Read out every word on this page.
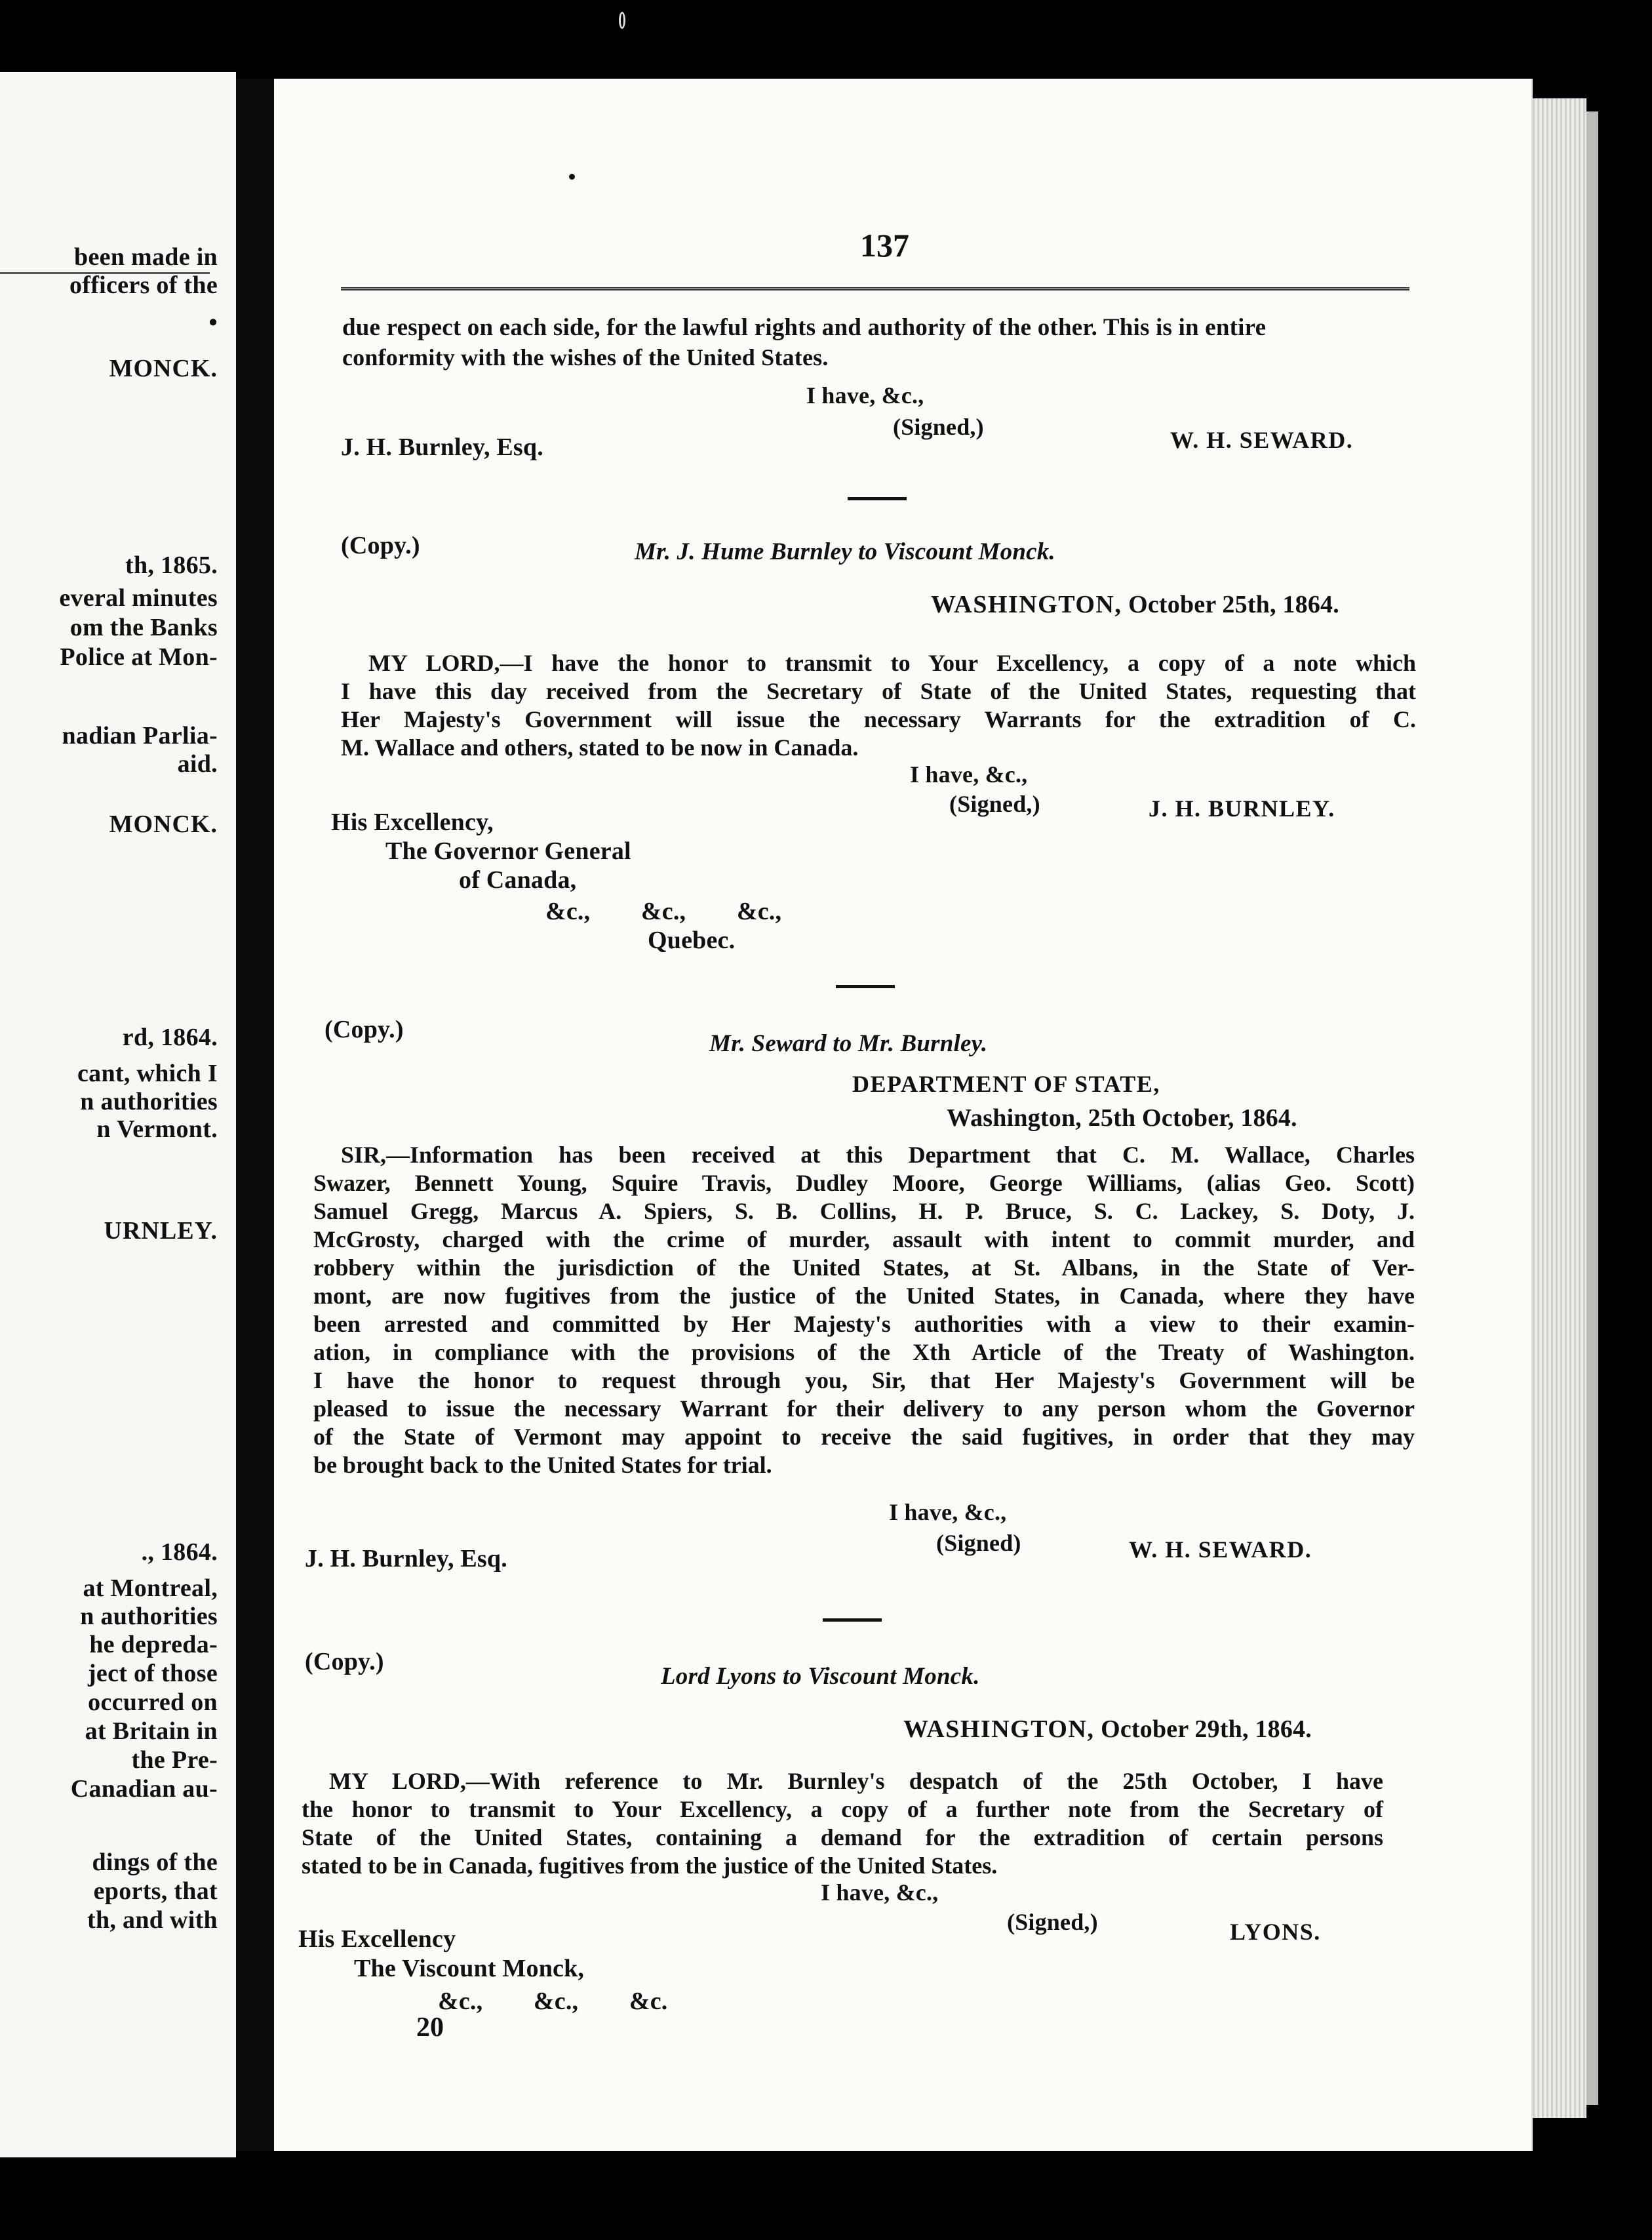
been made in
officers of the
•
MONCK.
th, 1865.
everal minutes
om the Banks
Police at Mon-
nadian Parlia-
aid.
MONCK.
rd, 1864.
cant, which I
n authorities
n Vermont.
URNLEY.
., 1864.
at Montreal,
n authorities
he depreda-
ject of those
occurred on
at Britain in
the Pre-
Canadian au-
dings of the
eports, that
th, and with
137
due respect on each side, for the lawful rights and authority of the other. This is in entire
conformity with the wishes of the United States.
I have, &c.,
(Signed,)	W. H. SEWARD.
J. H. Burnley, Esq.
(Copy.)	Mr. J. Hume Burnley to Viscount Monck.
WASHINGTON, October 25th, 1864.

MY LORD,—I have the honor to transmit to Your Excellency, a copy of a note which

I have this day received from the Secretary of State of the United States, requesting that

Her Majesty's Government will issue the necessary Warrants for the extradition of C.

M. Wallace and others, stated to be now in Canada.

I have, &c.,
(Signed,)	J. H. BURNLEY.
His Excellency,
The Governor General
of Canada,
&c.,        &c.,        &c.,
Quebec.
(Copy.)
Mr. Seward to Mr. Burnley.
DEPARTMENT OF STATE,
Washington, 25th October, 1864.

SIR,—Information has been received at this Department that C. M. Wallace, Charles

Swazer, Bennett Young, Squire Travis, Dudley Moore, George Williams, (alias Geo. Scott)

Samuel Gregg, Marcus A. Spiers, S. B. Collins, H. P. Bruce, S. C. Lackey, S. Doty, J.

McGrosty, charged with the crime of murder, assault with intent to commit murder, and

robbery within the jurisdiction of the United States, at St. Albans, in the State of Ver-

mont, are now fugitives from the justice of the United States, in Canada, where they have

been arrested and committed by Her Majesty's authorities with a view to their examin-

ation, in compliance with the provisions of the Xth Article of the Treaty of Washington.

I have the honor to request through you, Sir, that Her Majesty's Government will be

pleased to issue the necessary Warrant for their delivery to any person whom the Governor

of the State of Vermont may appoint to receive the said fugitives, in order that they may

be brought back to the United States for trial.

I have, &c.,
(Signed)	W. H. SEWARD.
J. H. Burnley, Esq.
(Copy.)
Lord Lyons to Viscount Monck.
WASHINGTON, October 29th, 1864.

MY LORD,—With reference to Mr. Burnley's despatch of the 25th October, I have

the honor to transmit to Your Excellency, a copy of a further note from the Secretary of

State of the United States, containing a demand for the extradition of certain persons

stated to be in Canada, fugitives from the justice of the United States.

I have, &c.,
(Signed,)	LYONS.
His Excellency
The Viscount Monck,
&c.,        &c.,        &c.
20
